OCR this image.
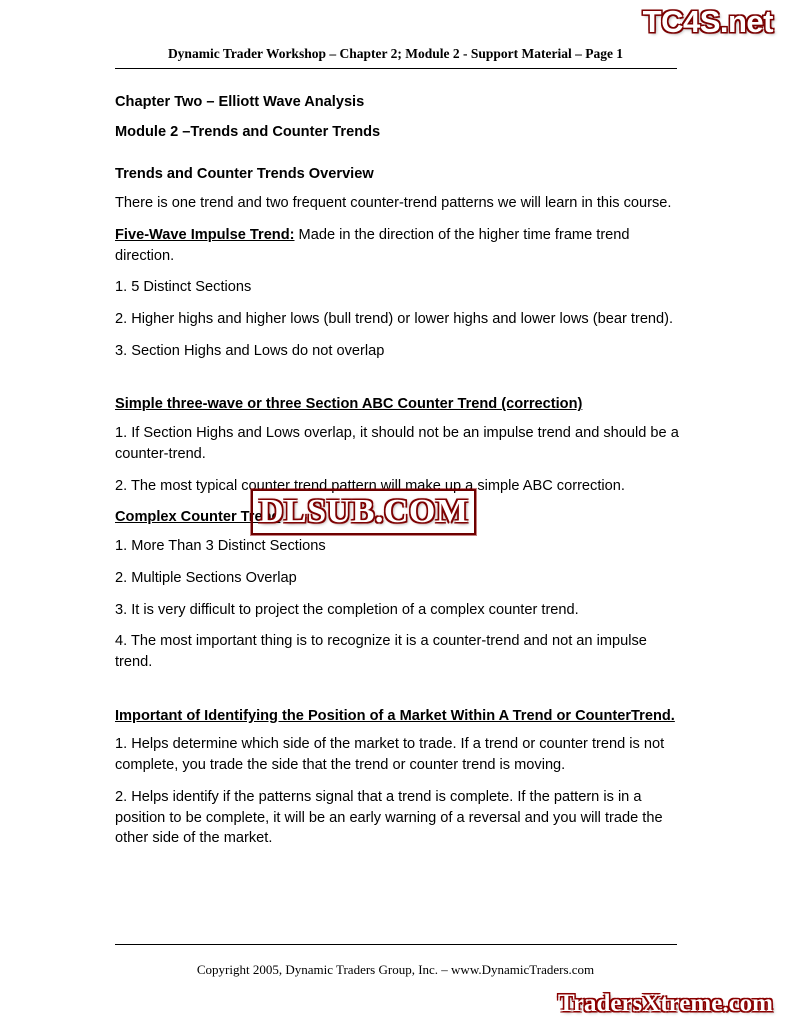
TC4S.net
Dynamic Trader Workshop – Chapter 2; Module 2 - Support Material – Page 1
Chapter Two – Elliott Wave Analysis
Module 2 –Trends and Counter Trends
Trends and Counter Trends Overview

There is one trend and two frequent counter-trend patterns we will learn in this course.

Five-Wave Impulse Trend: Made in the direction of the higher time frame trend direction.

1. 5 Distinct Sections

2. Higher highs and higher lows (bull trend) or lower highs and lower lows (bear trend).

3. Section Highs and Lows do not overlap

Simple three-wave or three Section ABC Counter Trend (correction)

1. If Section Highs and Lows overlap, it should not be an impulse trend and should be a counter-trend.

2. The most typical counter trend pattern will make up a simple ABC correction.

Complex Counter Trend

1. More Than 3 Distinct Sections

2. Multiple Sections Overlap

3. It is very difficult to project the completion of a complex counter trend.

4. The most important thing is to recognize it is a counter-trend and not an impulse trend.

Important of Identifying the Position of a Market Within A Trend or CounterTrend.

1. Helps determine which side of the market to trade. If a trend or counter trend is not complete, you trade the side that the trend or counter trend is moving.

2. Helps identify if the patterns signal that a trend is complete. If the pattern is in a position to be complete, it will be an early warning of a reversal and you will trade the other side of the market.

DLSUB.COM
Copyright 2005, Dynamic Traders Group, Inc. – www.DynamicTraders.com
TradersXtreme.com
